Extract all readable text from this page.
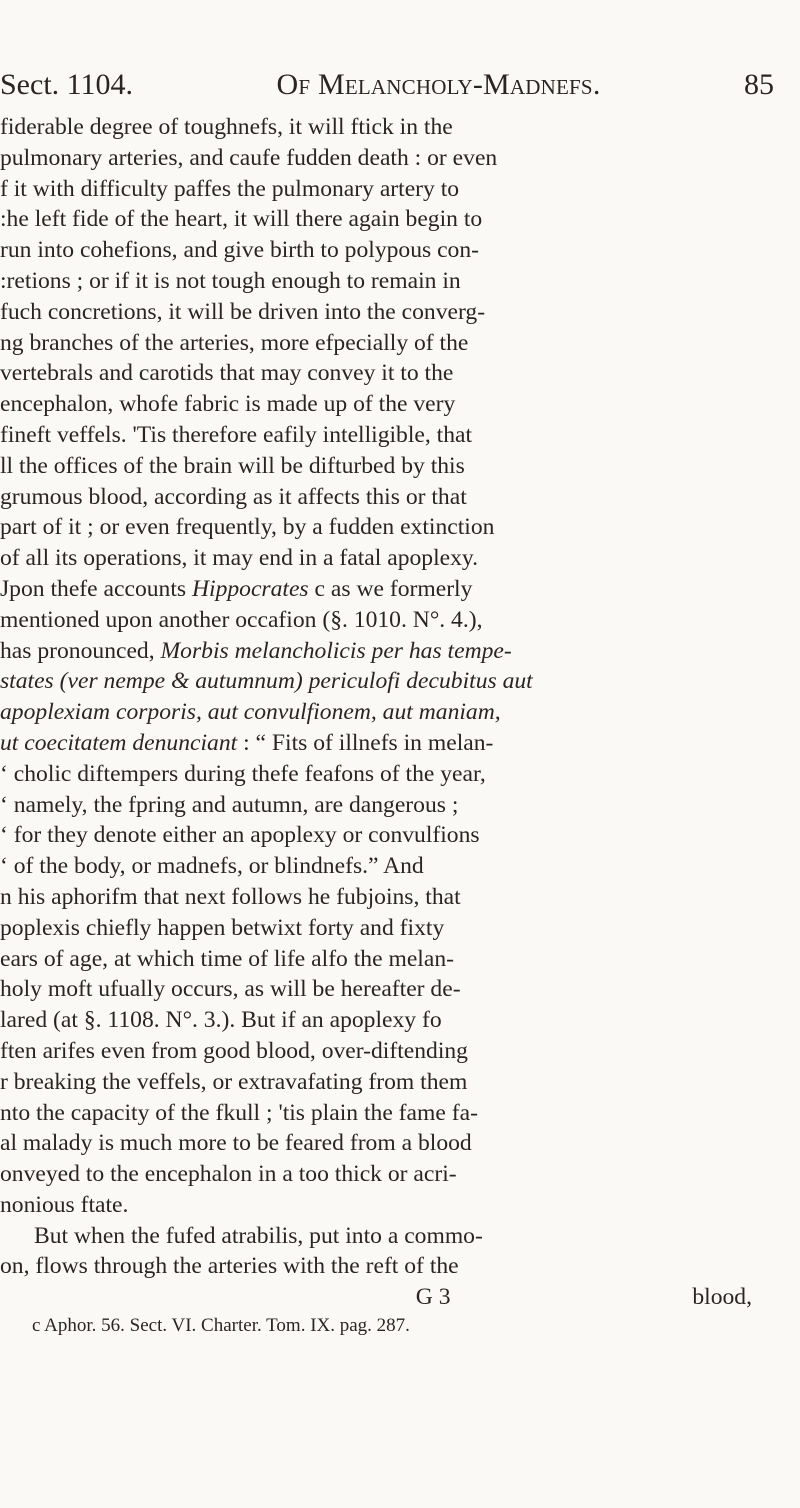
Sect. 1104.	Of Melancholy-Madnefs.	85
fiderable degree of toughnefs, it will ftick in the
pulmonary arteries, and caufe fudden death : or even
f it with difficulty paffes the pulmonary artery to
:he left fide of the heart, it will there again begin to
run into cohefions, and give birth to polypous con-
:retions ; or if it is not tough enough to remain in
fuch concretions, it will be driven into the converg-
ng branches of the arteries, more efpecially of the
vertebrals and carotids that may convey it to the
encephalon, whofe fabric is made up of the very
fineft veffels. 'Tis therefore eafily intelligible, that
ll the offices of the brain will be difturbed by this
grumous blood, according as it affects this or that
part of it ; or even frequently, by a fudden extinction
of all its operations, it may end in a fatal apoplexy.
Jpon thefe accounts Hippocrates c as we formerly
mentioned upon another occafion (§. 1010. N°. 4.),
has pronounced, Morbis melancholicis per has tempe-
states (ver nempe & autumnum) periculofi decubitus aut
apoplexiam corporis, aut convulfionem, aut maniam,
ut coecitatem denunciant : “ Fits of illnefs in melan-
‘ cholic diftempers during thefe feafons of the year,
‘ namely, the fpring and autumn, are dangerous ;
‘ for they denote either an apoplexy or convulfions
‘ of the body, or madnefs, or blindnefs.” And
n his aphorifm that next follows he fubjoins, that
poplexis chiefly happen betwixt forty and fixty
ears of age, at which time of life alfo the melan-
holy moft ufually occurs, as will be hereafter de-
lared (at §. 1108. N°. 3.). But if an apoplexy fo
ften arifes even from good blood, over-diftending
r breaking the veffels, or extravafating from them
nto the capacity of the fkull ; 'tis plain the fame fa-
al malady is much more to be feared from a blood
onveyed to the encephalon in a too thick or acri-
nonious ftate.
But when the fufed atrabilis, put into a commo-
on, flows through the arteries with the reft of the
G 3	blood,
c Aphor. 56. Sect. VI. Charter. Tom. IX. pag. 287.
